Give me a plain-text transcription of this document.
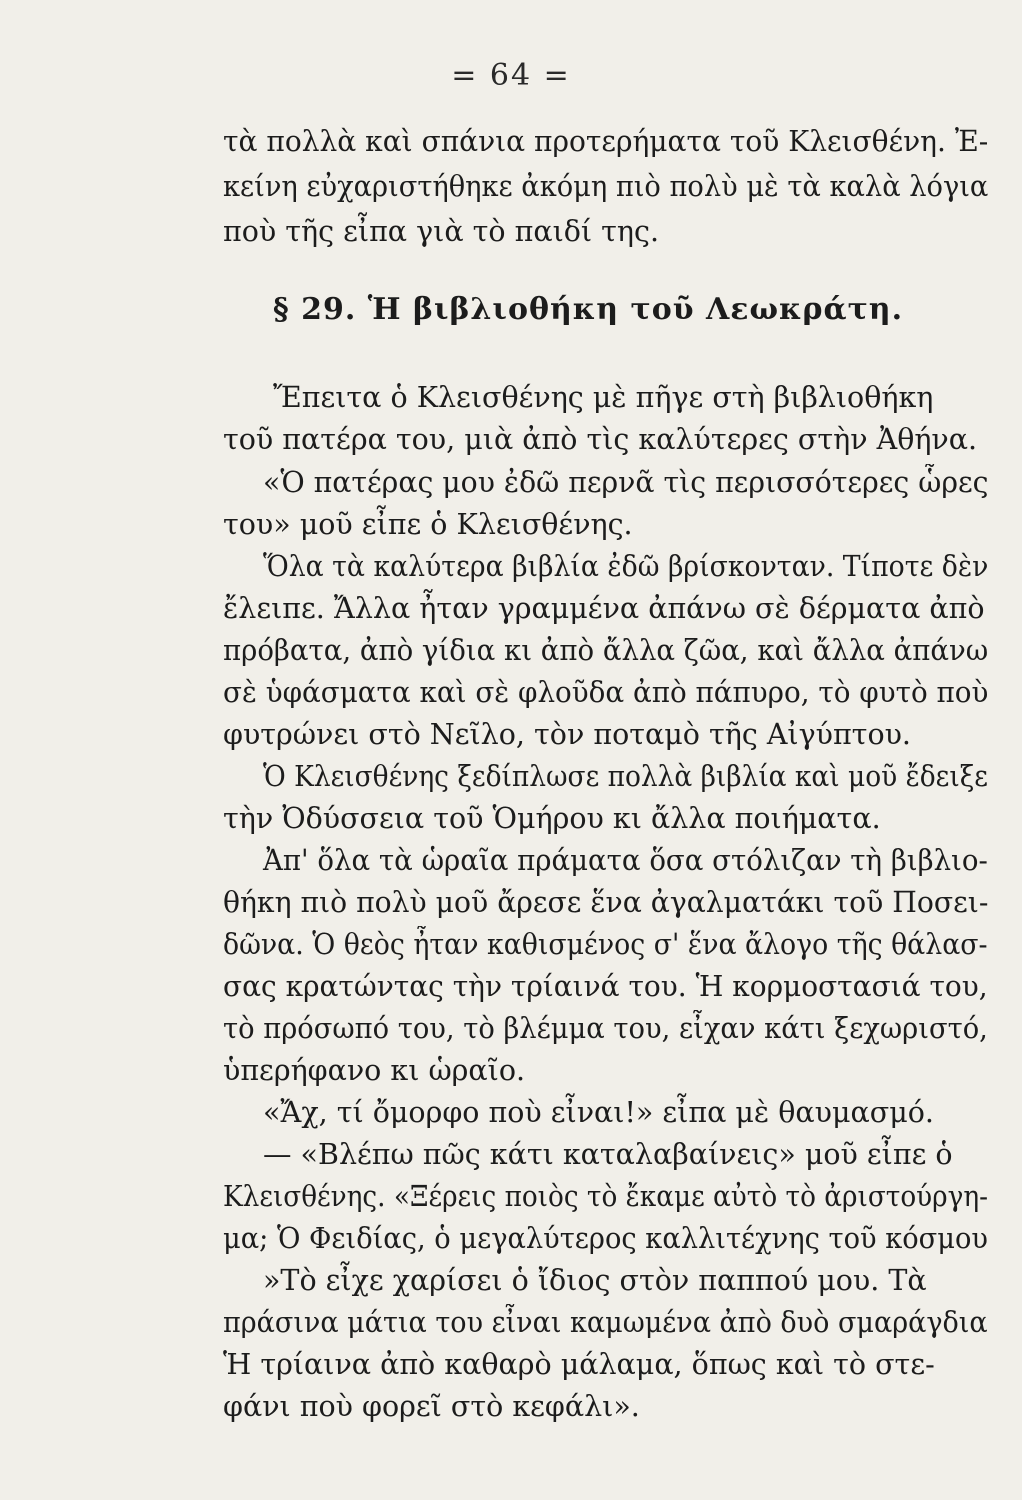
= 64 =
τὰ πολλὰ καὶ σπάνια προτερήματα τοῦ Κλεισθένη. Ἐ-
κείνη εὐχαριστήθηκε ἀκόμη πιὸ πολὺ μὲ τὰ καλὰ λόγια
ποὺ τῆς εἶπα γιὰ τὸ παιδί της.
§ 29. Ἡ βιβλιοθήκη τοῦ Λεωκράτη.
Ἔπειτα ὁ Κλεισθένης μὲ πῆγε στὴ βιβλιοθήκη
τοῦ πατέρα του, μιὰ ἀπὸ τὶς καλύτερες στὴν Ἀθήνα.
«Ὁ πατέρας μου ἐδῶ περνᾶ τὶς περισσότερες ὧρες
του» μοῦ εἶπε ὁ Κλεισθένης.
Ὅλα τὰ καλύτερα βιβλία ἐδῶ βρίσκονταν. Τίποτε δὲν
ἔλειπε. Ἄλλα ἦταν γραμμένα ἀπάνω σὲ δέρματα ἀπὸ
πρόβατα, ἀπὸ γίδια κι ἀπὸ ἄλλα ζῶα, καὶ ἄλλα ἀπάνω
σὲ ὑφάσματα καὶ σὲ φλοῦδα ἀπὸ πάπυρο, τὸ φυτὸ ποὺ
φυτρώνει στὸ Νεῖλο, τὸν ποταμὸ τῆς Αἰγύπτου.
Ὁ Κλεισθένης ξεδίπλωσε πολλὰ βιβλία καὶ μοῦ ἔδειξε
τὴν Ὀδύσσεια τοῦ Ὁμήρου κι ἄλλα ποιήματα.
Ἀπ' ὅλα τὰ ὡραῖα πράματα ὅσα στόλιζαν τὴ βιβλιο-
θήκη πιὸ πολὺ μοῦ ἄρεσε ἕνα ἀγαλματάκι τοῦ Ποσει-
δῶνα. Ὁ θεὸς ἦταν καθισμένος σ' ἕνα ἄλογο τῆς θάλασ-
σας κρατώντας τὴν τρίαινά του. Ἡ κορμοστασιά του,
τὸ πρόσωπό του, τὸ βλέμμα του, εἶχαν κάτι ξεχωριστό,
ὑπερήφανο κι ὡραῖο.
«Ἄχ, τί ὄμορφο ποὺ εἶναι!» εἶπα μὲ θαυμασμό.
— «Βλέπω πῶς κάτι καταλαβαίνεις» μοῦ εἶπε ὁ
Κλεισθένης. «Ξέρεις ποιὸς τὸ ἔκαμε αὐτὸ τὸ ἀριστούργη-
μα; Ὁ Φειδίας, ὁ μεγαλύτερος καλλιτέχνης τοῦ κόσμου
»Τὸ εἶχε χαρίσει ὁ ἴδιος στὸν παππού μου. Τὰ
πράσινα μάτια του εἶναι καμωμένα ἀπὸ δυὸ σμαράγδια
Ἡ τρίαινα ἀπὸ καθαρὸ μάλαμα, ὅπως καὶ τὸ στε-
φάνι ποὺ φορεῖ στὸ κεφάλι».
